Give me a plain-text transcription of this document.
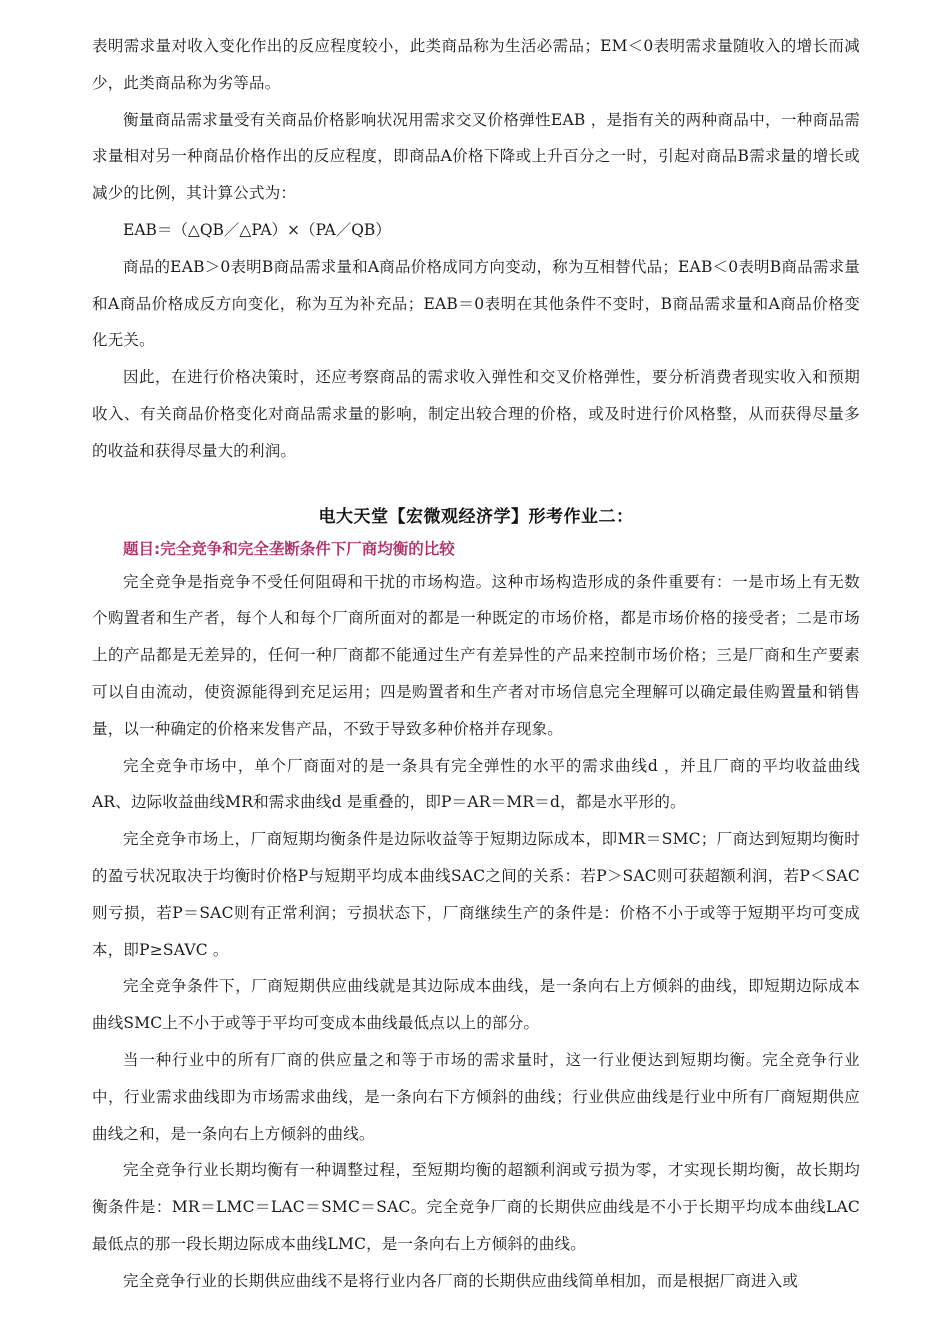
表明需求量对收入变化作出的反应程度较小，此类商品称为生活必需品；EM＜0表明需求量随收入的增长而减少，此类商品称为劣等品。

衡量商品需求量受有关商品价格影响状况用需求交叉价格弹性EAB ，是指有关的两种商品中，一种商品需求量相对另一种商品价格作出的反应程度，即商品A价格下降或上升百分之一时，引起对商品B需求量的增长或减少的比例，其计算公式为：

EAB＝（△QB／△PA）×（PA／QB）

商品的EAB＞0表明B商品需求量和A商品价格成同方向变动，称为互相替代品；EAB＜0表明B商品需求量和A商品价格成反方向变化，称为互为补充品；EAB＝0表明在其他条件不变时，B商品需求量和A商品价格变化无关。

因此，在进行价格决策时，还应考察商品的需求收入弹性和交叉价格弹性，要分析消费者现实收入和预期收入、有关商品价格变化对商品需求量的影响，制定出较合理的价格，或及时进行价风格整，从而获得尽量多的收益和获得尽量大的利润。

电大天堂【宏微观经济学】形考作业二：

题目:完全竞争和完全垄断条件下厂商均衡的比较

完全竞争是指竞争不受任何阻碍和干扰的市场构造。这种市场构造形成的条件重要有：一是市场上有无数个购置者和生产者，每个人和每个厂商所面对的都是一种既定的市场价格，都是市场价格的接受者；二是市场上的产品都是无差异的，任何一种厂商都不能通过生产有差异性的产品来控制市场价格；三是厂商和生产要素可以自由流动，使资源能得到充足运用；四是购置者和生产者对市场信息完全理解可以确定最佳购置量和销售量，以一种确定的价格来发售产品，不致于导致多种价格并存现象。

完全竞争市场中，单个厂商面对的是一条具有完全弹性的水平的需求曲线d ，并且厂商的平均收益曲线AR、边际收益曲线MR和需求曲线d 是重叠的，即P＝AR＝MR＝d，都是水平形的。

完全竞争市场上，厂商短期均衡条件是边际收益等于短期边际成本，即MR＝SMC；厂商达到短期均衡时的盈亏状况取决于均衡时价格P与短期平均成本曲线SAC之间的关系：若P＞SAC则可获超额利润，若P＜SAC则亏损，若P＝SAC则有正常利润；亏损状态下，厂商继续生产的条件是：价格不小于或等于短期平均可变成本，即P≥SAVC 。

完全竞争条件下，厂商短期供应曲线就是其边际成本曲线，是一条向右上方倾斜的曲线，即短期边际成本曲线SMC上不小于或等于平均可变成本曲线最低点以上的部分。

当一种行业中的所有厂商的供应量之和等于市场的需求量时，这一行业便达到短期均衡。完全竞争行业中，行业需求曲线即为市场需求曲线，是一条向右下方倾斜的曲线；行业供应曲线是行业中所有厂商短期供应曲线之和，是一条向右上方倾斜的曲线。

完全竞争行业长期均衡有一种调整过程，至短期均衡的超额利润或亏损为零，才实现长期均衡，故长期均衡条件是：MR＝LMC＝LAC＝SMC＝SAC。完全竞争厂商的长期供应曲线是不小于长期平均成本曲线LAC最低点的那一段长期边际成本曲线LMC，是一条向右上方倾斜的曲线。

完全竞争行业的长期供应曲线不是将行业内各厂商的长期供应曲线简单相加，而是根据厂商进入或
